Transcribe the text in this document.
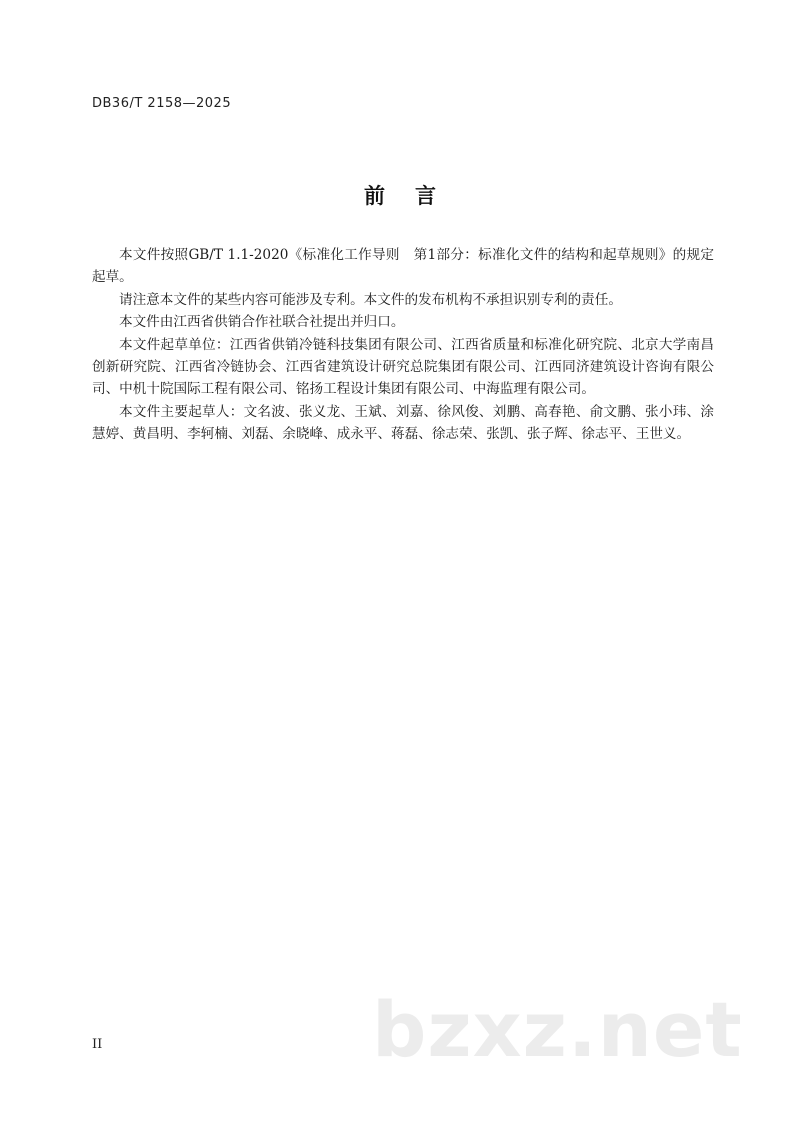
DB36/T 2158—2025
前言

本文件按照GB/T 1.1-2020《标准化工作导则　第1部分：标准化文件的结构和起草规则》的规定起草。

请注意本文件的某些内容可能涉及专利。本文件的发布机构不承担识别专利的责任。

本文件由江西省供销合作社联合社提出并归口。

本文件起草单位：江西省供销冷链科技集团有限公司、江西省质量和标准化研究院、北京大学南昌创新研究院、江西省冷链协会、江西省建筑设计研究总院集团有限公司、江西同济建筑设计咨询有限公司、中机十院国际工程有限公司、铭扬工程设计集团有限公司、中海监理有限公司。

本文件主要起草人：文名波、张义龙、王斌、刘嘉、徐风俊、刘鹏、高春艳、俞文鹏、张小玮、涂慧婷、黄昌明、李轲楠、刘磊、余晓峰、成永平、蒋磊、徐志荣、张凯、张子辉、徐志平、王世义。

bzxz.net
II
